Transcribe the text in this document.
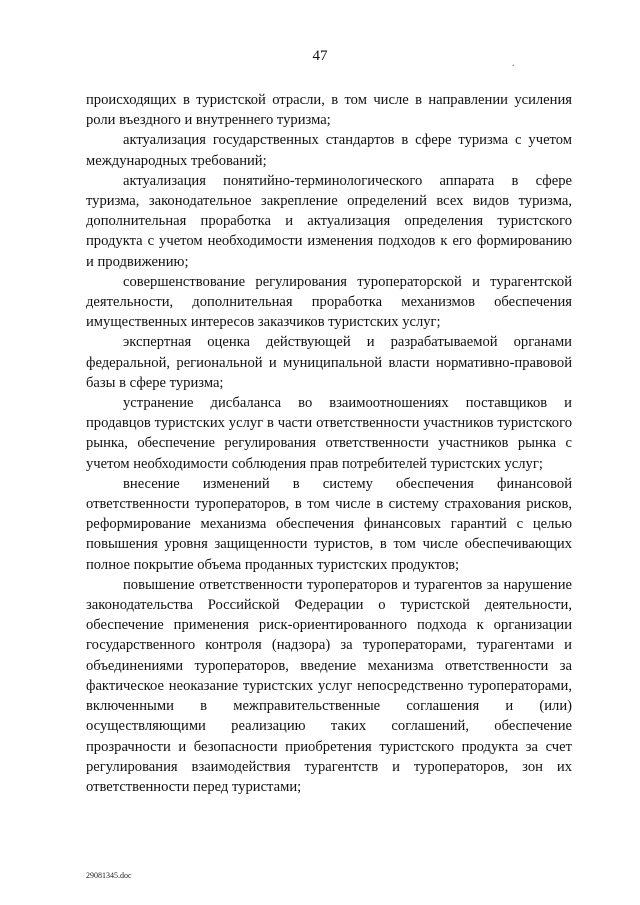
47	.

происходящих в туристской отрасли, в том числе в направлении усиления роли въездного и внутреннего туризма;

актуализация государственных стандартов в сфере туризма с учетом международных требований;

актуализация понятийно-терминологического аппарата в сфере туризма, законодательное закрепление определений всех видов туризма, дополнительная проработка и актуализация определения туристского продукта с учетом необходимости изменения подходов к его формированию и продвижению;

совершенствование регулирования туроператорской и турагентской деятельности, дополнительная проработка механизмов обеспечения имущественных интересов заказчиков туристских услуг;

экспертная оценка действующей и разрабатываемой органами федеральной, региональной и муниципальной власти нормативно-правовой базы в сфере туризма;

устранение дисбаланса во взаимоотношениях поставщиков и продавцов туристских услуг в части ответственности участников туристского рынка, обеспечение регулирования ответственности участников рынка с учетом необходимости соблюдения прав потребителей туристских услуг;

внесение изменений в систему обеспечения финансовой ответственности туроператоров, в том числе в систему страхования рисков, реформирование механизма обеспечения финансовых гарантий с целью повышения уровня защищенности туристов, в том числе обеспечивающих полное покрытие объема проданных туристских продуктов;

повышение ответственности туроператоров и турагентов за нарушение законодательства Российской Федерации о туристской деятельности, обеспечение применения риск-ориентированного подхода к организации государственного контроля (надзора) за туроператорами, турагентами и объединениями туроператоров, введение механизма ответственности за фактическое неоказание туристских услуг непосредственно туроператорами, включенными в межправительственные соглашения и (или) осуществляющими реализацию таких соглашений, обеспечение прозрачности и безопасности приобретения туристского продукта за счет регулирования взаимодействия турагентств и туроператоров, зон их ответственности перед туристами;

29081345.doc
